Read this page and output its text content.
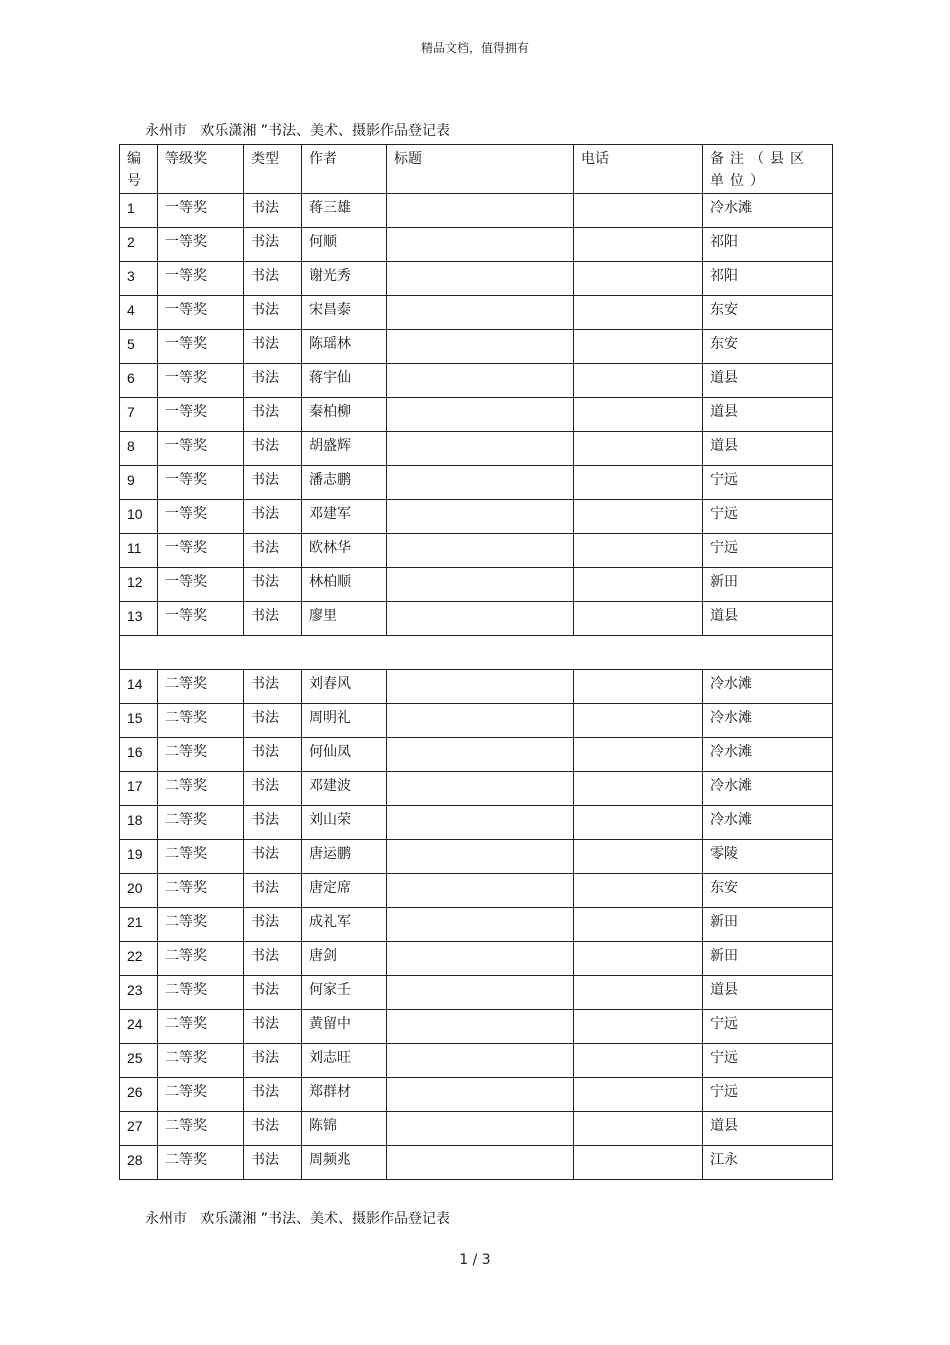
精品文档，值得拥有
永州市   欢乐潇湘 ”书法、美术、摄影作品登记表
编号	等级奖	类型	作者	标题	电话	备注（县区单位）
1	一等奖	书法	蒋三雄			冷水滩
2	一等奖	书法	何顺			祁阳
3	一等奖	书法	谢光秀			祁阳
4	一等奖	书法	宋昌泰			东安
5	一等奖	书法	陈瑶林			东安
6	一等奖	书法	蒋宇仙			道县
7	一等奖	书法	秦柏柳			道县
8	一等奖	书法	胡盛辉			道县
9	一等奖	书法	潘志鹏			宁远
10	一等奖	书法	邓建军			宁远
11	一等奖	书法	欧林华			宁远
12	一等奖	书法	林柏顺			新田
13	一等奖	书法	廖里			道县

14	二等奖	书法	刘春风			冷水滩
15	二等奖	书法	周明礼			冷水滩
16	二等奖	书法	何仙凤			冷水滩
17	二等奖	书法	邓建波			冷水滩
18	二等奖	书法	刘山荣			冷水滩
19	二等奖	书法	唐运鹏			零陵
20	二等奖	书法	唐定席			东安
21	二等奖	书法	成礼军			新田
22	二等奖	书法	唐剑			新田
23	二等奖	书法	何家壬			道县
24	二等奖	书法	黄留中			宁远
25	二等奖	书法	刘志旺			宁远
26	二等奖	书法	郑群材			宁远
27	二等奖	书法	陈锦			道县
28	二等奖	书法	周频兆			江永
永州市   欢乐潇湘 ”书法、美术、摄影作品登记表
1 / 3
